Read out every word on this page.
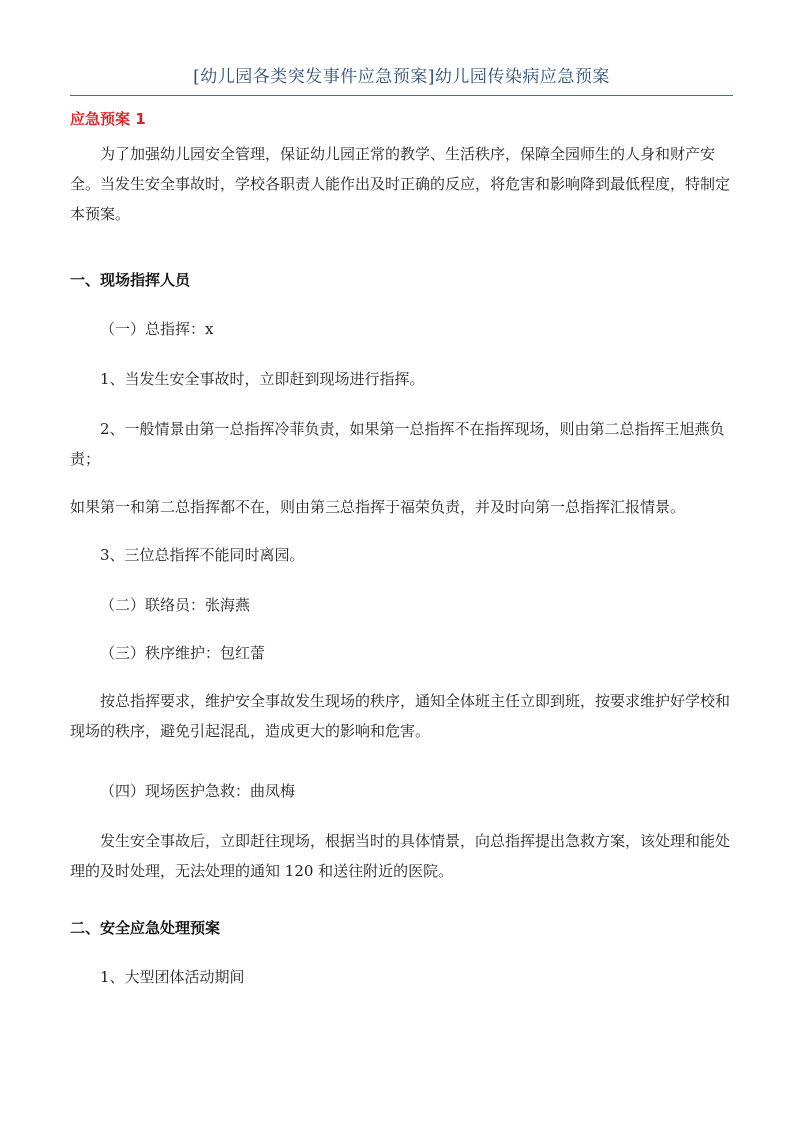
[幼儿园各类突发事件应急预案]幼儿园传染病应急预案
应急预案 1
为了加强幼儿园安全管理，保证幼儿园正常的教学、生活秩序，保障全园师生的人身和财产安全。当发生安全事故时，学校各职责人能作出及时正确的反应，将危害和影响降到最低程度，特制定本预案。
一、现场指挥人员
（一）总指挥：x
1、当发生安全事故时，立即赶到现场进行指挥。
2、一般情景由第一总指挥冷菲负责，如果第一总指挥不在指挥现场，则由第二总指挥王旭燕负责；
如果第一和第二总指挥都不在，则由第三总指挥于福荣负责，并及时向第一总指挥汇报情景。
3、三位总指挥不能同时离园。
（二）联络员：张海燕
（三）秩序维护：包红蕾
按总指挥要求，维护安全事故发生现场的秩序，通知全体班主任立即到班，按要求维护好学校和现场的秩序，避免引起混乱，造成更大的影响和危害。
（四）现场医护急救：曲凤梅
发生安全事故后，立即赶往现场，根据当时的具体情景，向总指挥提出急救方案，该处理和能处理的及时处理，无法处理的通知 120 和送往附近的医院。
二、安全应急处理预案
1、大型团体活动期间
